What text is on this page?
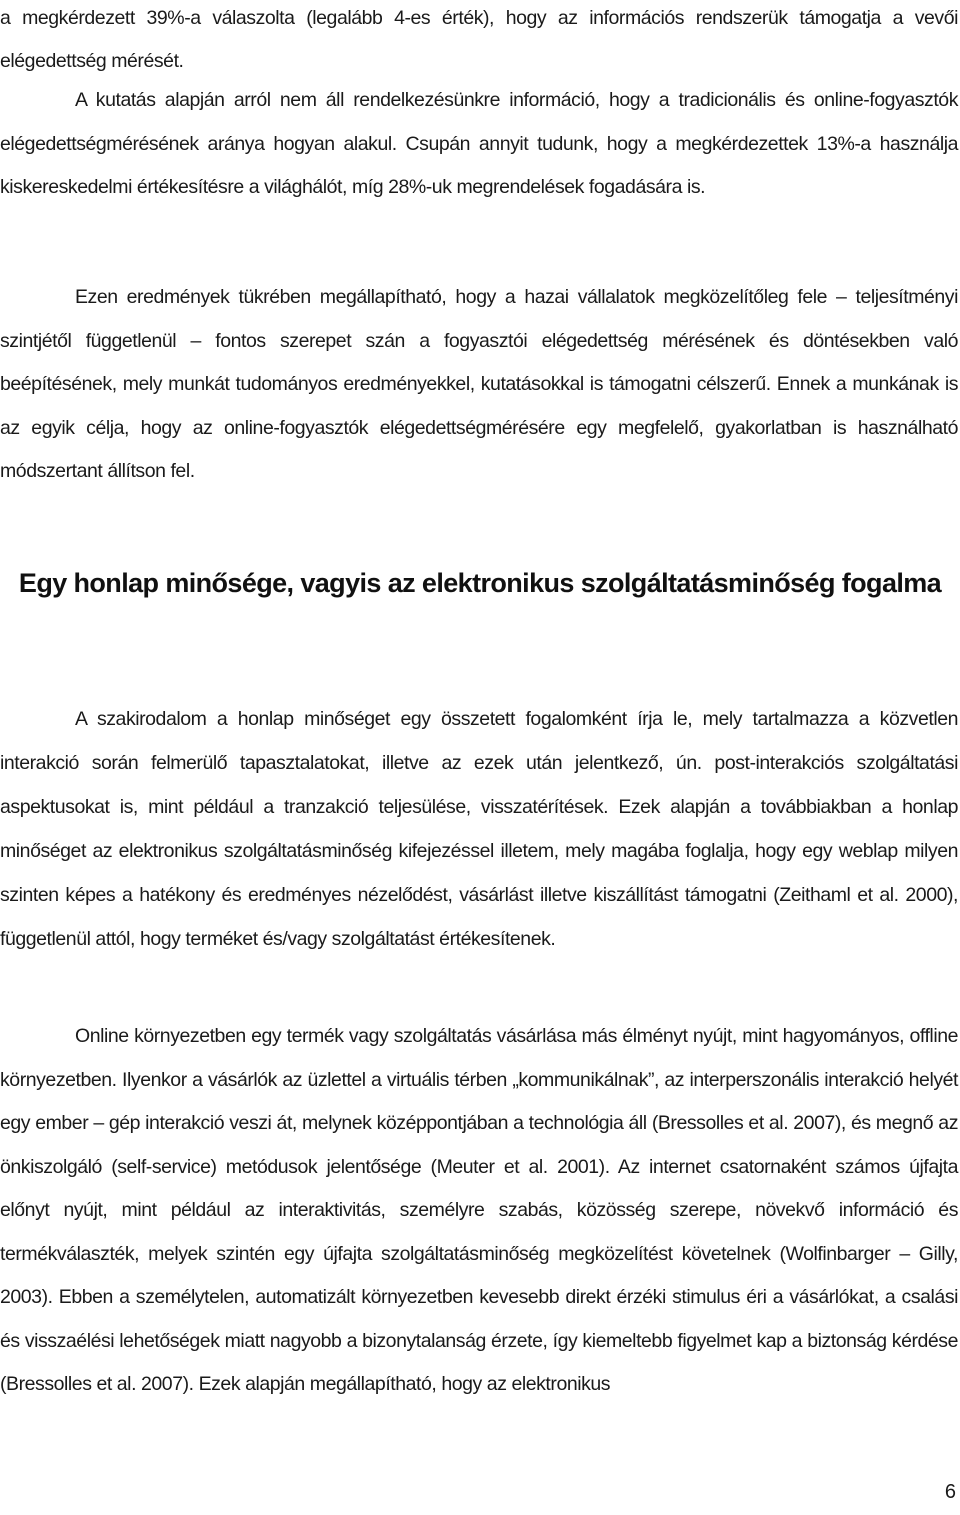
a megkérdezett 39%-a válaszolta (legalább 4-es érték), hogy az információs rendszerük támogatja a vevői elégedettség mérését.

A kutatás alapján arról nem áll rendelkezésünkre információ, hogy a tradicionális és online-fogyasztók elégedettségmérésének aránya hogyan alakul. Csupán annyit tudunk, hogy a megkérdezettek 13%-a használja kiskereskedelmi értékesítésre a világhálót, míg 28%-uk megrendelések fogadására is.

Ezen eredmények tükrében megállapítható, hogy a hazai vállalatok megközelítőleg fele – teljesítményi szintjétől függetlenül – fontos szerepet szán a fogyasztói elégedettség mérésének és döntésekben való beépítésének, mely munkát tudományos eredményekkel, kutatásokkal is támogatni célszerű. Ennek a munkának is az egyik célja, hogy az online-fogyasztók elégedettségmérésére egy megfelelő, gyakorlatban is használható módszertant állítson fel.

Egy honlap minősége, vagyis az elektronikus szolgáltatásminőség fogalma

A szakirodalom a honlap minőséget egy összetett fogalomként írja le, mely tartalmazza a közvetlen interakció során felmerülő tapasztalatokat, illetve az ezek után jelentkező, ún. post-interakciós szolgáltatási aspektusokat is, mint például a tranzakció teljesülése, visszatérítések. Ezek alapján a továbbiakban a honlap minőséget az elektronikus szolgáltatásminőség kifejezéssel illetem, mely magába foglalja, hogy egy weblap milyen szinten képes a hatékony és eredményes nézelődést, vásárlást illetve kiszállítást támogatni (Zeithaml et al. 2000), függetlenül attól, hogy terméket és/vagy szolgáltatást értékesítenek.

Online környezetben egy termék vagy szolgáltatás vásárlása más élményt nyújt, mint hagyományos, offline környezetben. Ilyenkor a vásárlók az üzlettel a virtuális térben „kommunikálnak”, az interperszonális interakció helyét egy ember – gép interakció veszi át, melynek középpontjában a technológia áll (Bressolles et al. 2007), és megnő az önkiszolgáló (self-service) metódusok jelentősége (Meuter et al. 2001). Az internet csatornaként számos újfajta előnyt nyújt, mint például az interaktivitás, személyre szabás, közösség szerepe, növekvő információ és termékválaszték, melyek szintén egy újfajta szolgáltatásminőség megközelítést követelnek (Wolfinbarger – Gilly, 2003). Ebben a személytelen, automatizált környezetben kevesebb direkt érzéki stimulus éri a vásárlókat, a csalási és visszaélési lehetőségek miatt nagyobb a bizonytalanság érzete, így kiemeltebb figyelmet kap a biztonság kérdése (Bressolles et al. 2007). Ezek alapján megállapítható, hogy az elektronikus

6
